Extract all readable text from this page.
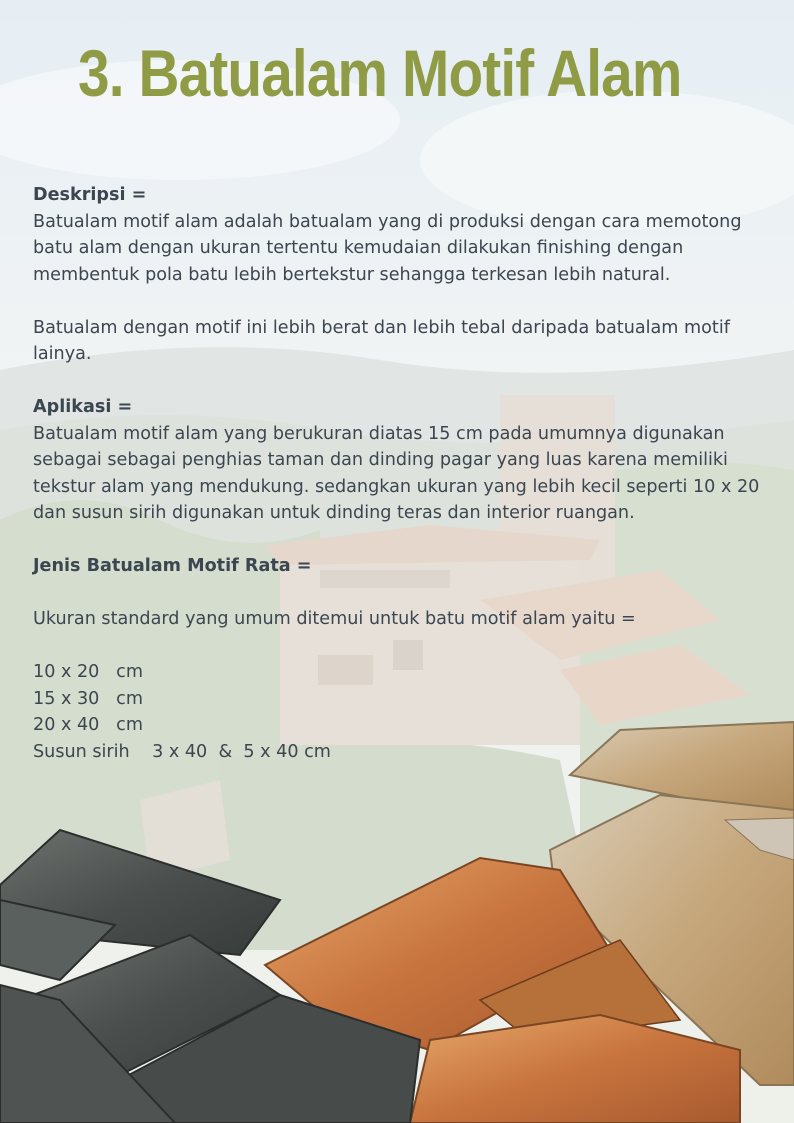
3. Batualam Motif Alam

Deskripsi =

Batualam motif alam adalah batualam yang di produksi dengan cara memotong batu alam dengan ukuran tertentu kemudaian dilakukan finishing dengan membentuk pola batu lebih bertekstur sehangga terkesan lebih natural.

Batualam dengan motif ini lebih berat dan lebih tebal daripada batualam motif lainya.

Aplikasi =

Batualam motif alam yang berukuran diatas 15 cm pada umumnya digunakan sebagai sebagai penghias taman dan dinding pagar yang luas karena memiliki tekstur alam yang mendukung. sedangkan ukuran yang lebih kecil seperti 10 x 20 dan susun sirih digunakan untuk dinding teras dan interior ruangan.

Jenis Batualam Motif Rata =

Ukuran standard yang umum ditemui untuk batu motif alam yaitu =

10 x 20   cm

15 x 30   cm

20 x 40   cm

Susun sirih    3 x 40  &  5 x 40 cm
